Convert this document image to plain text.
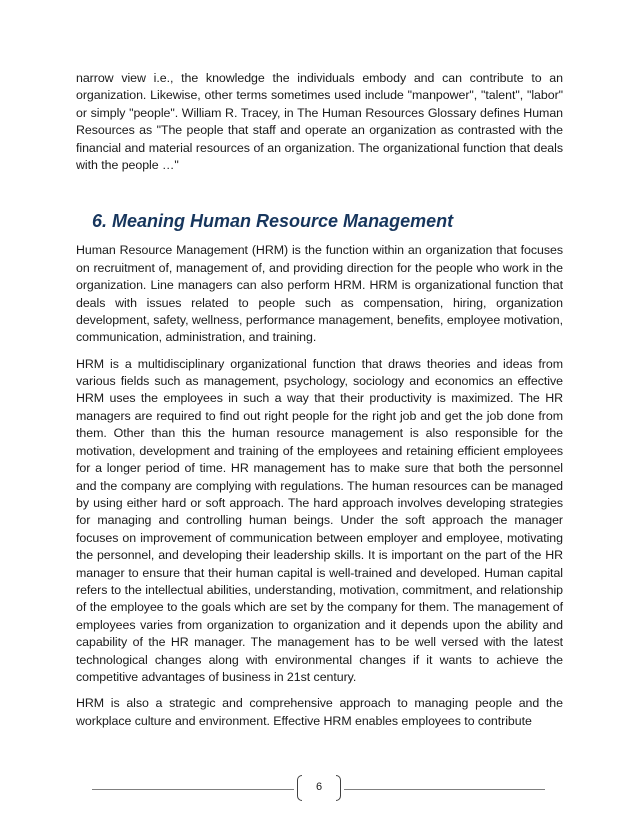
narrow view i.e., the knowledge the individuals embody and can contribute to an organization. Likewise, other terms sometimes used include "manpower", "talent", "labor" or simply "people". William R. Tracey, in The Human Resources Glossary defines Human Resources as "The people that staff and operate an organization as contrasted with the financial and material resources of an organization. The organizational function that deals with the people …"

6. Meaning Human Resource Management

Human Resource Management (HRM) is the function within an organization that focuses on recruitment of, management of, and providing direction for the people who work in the organization. Line managers can also perform HRM. HRM is organizational function that deals with issues related to people such as compensation, hiring, organization development, safety, wellness, performance management, benefits, employee motivation, communication, administration, and training.

HRM is a multidisciplinary organizational function that draws theories and ideas from various fields such as management, psychology, sociology and economics an effective HRM uses the employees in such a way that their productivity is maximized. The HR managers are required to find out right people for the right job and get the job done from them. Other than this the human resource management is also responsible for the motivation, development and training of the employees and retaining efficient employees for a longer period of time. HR management has to make sure that both the personnel and the company are complying with regulations. The human resources can be managed by using either hard or soft approach. The hard approach involves developing strategies for managing and controlling human beings. Under the soft approach the manager focuses on improvement of communication between employer and employee, motivating the personnel, and developing their leadership skills. It is important on the part of the HR manager to ensure that their human capital is well-trained and developed. Human capital refers to the intellectual abilities, understanding, motivation, commitment, and relationship of the employee to the goals which are set by the company for them. The management of employees varies from organization to organization and it depends upon the ability and capability of the HR manager. The management has to be well versed with the latest technological changes along with environmental changes if it wants to achieve the competitive advantages of business in 21st century.

HRM is also a strategic and comprehensive approach to managing people and the workplace culture and environment. Effective HRM enables employees to contribute

6
